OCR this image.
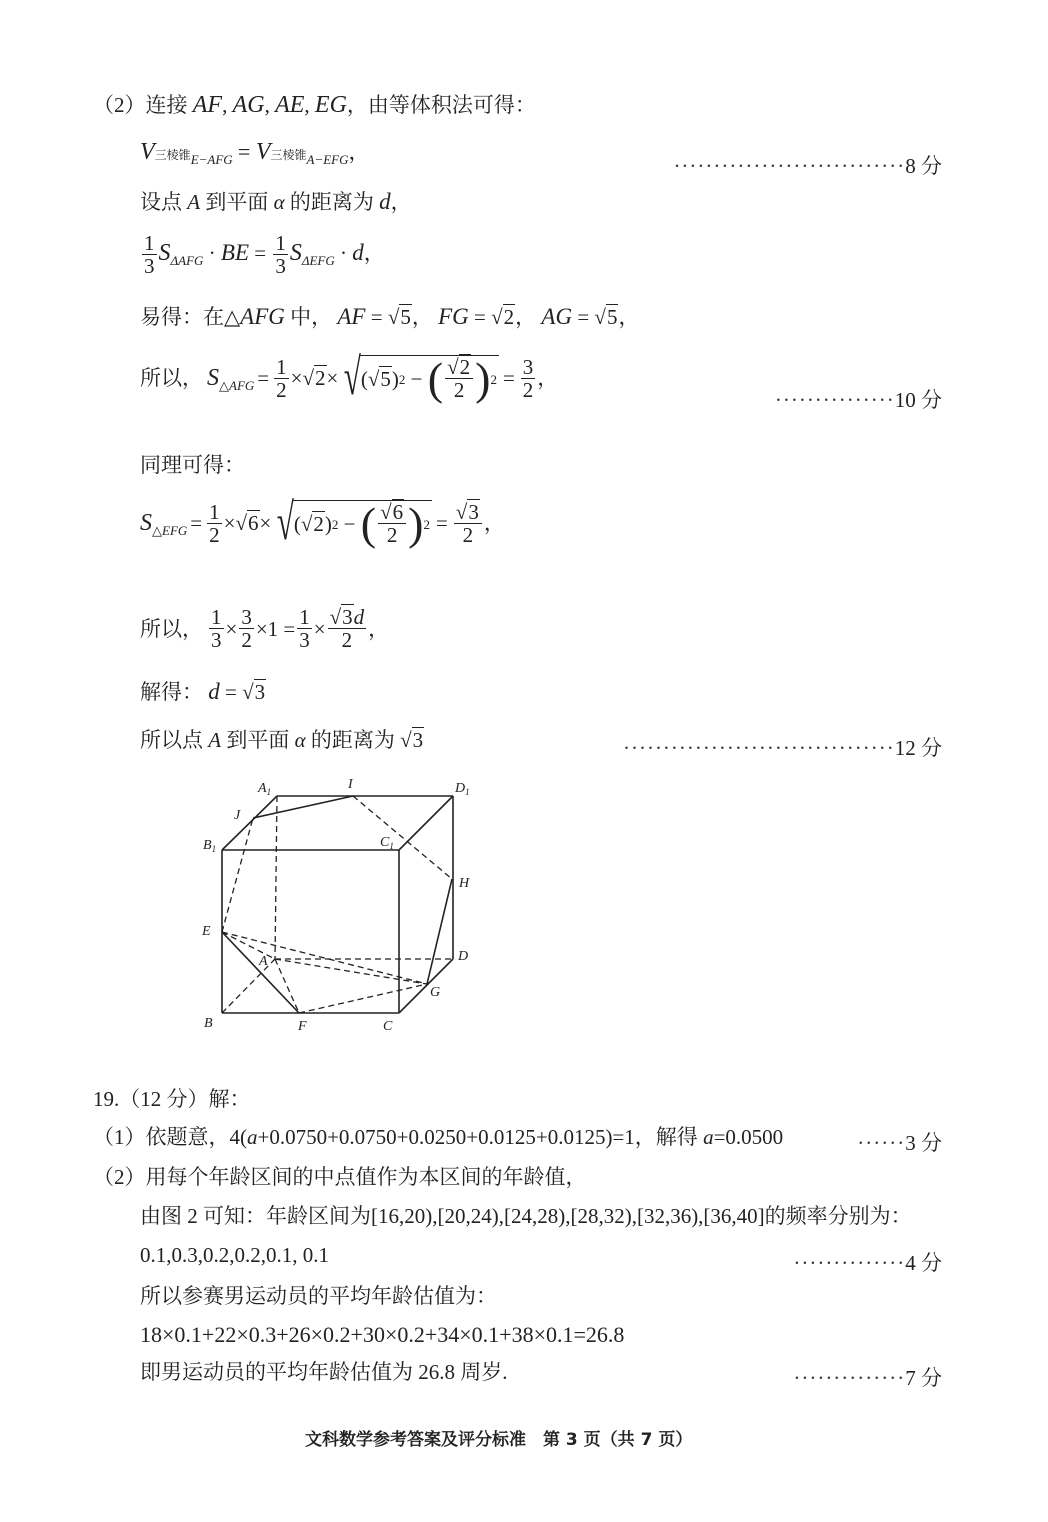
（2）连接 AF, AG, AE, EG，由等体积法可得：
V三棱锥$_{E-AFG}$ = V三棱锥$_{A-EFG}$，
·····························8 分
设点 A 到平面 α 的距离为 d，
$\frac{1}{3} S_{\Delta AFG}$ · BE = $\frac{1}{3} S_{\Delta EFG} \cdot d$，
易得：在△AFG 中， AF = √5， FG = √2， AG = √5，
所以， $S_{\triangle AFG} = \frac{1}{2}$ ×√ 2 × √ (√ 5 ) 2 − ( $\frac{√2}{2}$ ) $2 = \frac{3}{2}$ ，
···············10 分
同理可得：
$S_{\triangle EFG} = \frac{1}{2}$ ×√ 6 × √ (√ 2 ) 2 − ( $\frac{√6}{2}$ ) $2 = \frac{√3}{2}$ ，
所以， $\frac{1}{3} \times \frac{3}{2} \times 1 = \frac{1}{3} \times \frac{√3d}{2}$ ，
解得： d = √3
所以点 A 到平面 α 的距离为 √3	··································12 分
$A_1$	I	$D_1$
J
$B_1$	$C_1$
H
E
A	D
G
B	F	C
19.（12 分）解：
（1）依题意，4(a+0.0750+0.0750+0.0250+0.0125+0.0125)=1，解得 a=0.0500	······3 分
（2）用每个年龄区间的中点值作为本区间的年龄值，
由图 2 可知：年龄区间为[16,20),[20,24),[24,28),[28,32),[32,36),[36,40]的频率分别为：
0.1,0.3,0.2,0.2,0.1, 0.1	··············4 分
所以参赛男运动员的平均年龄估值为：
18×0.1+22×0.3+26×0.2+30×0.2+34×0.1+38×0.1=26.8
即男运动员的平均年龄估值为 26.8 周岁.	··············7 分
文科数学参考答案及评分标准　第 3 页（共 7 页）
